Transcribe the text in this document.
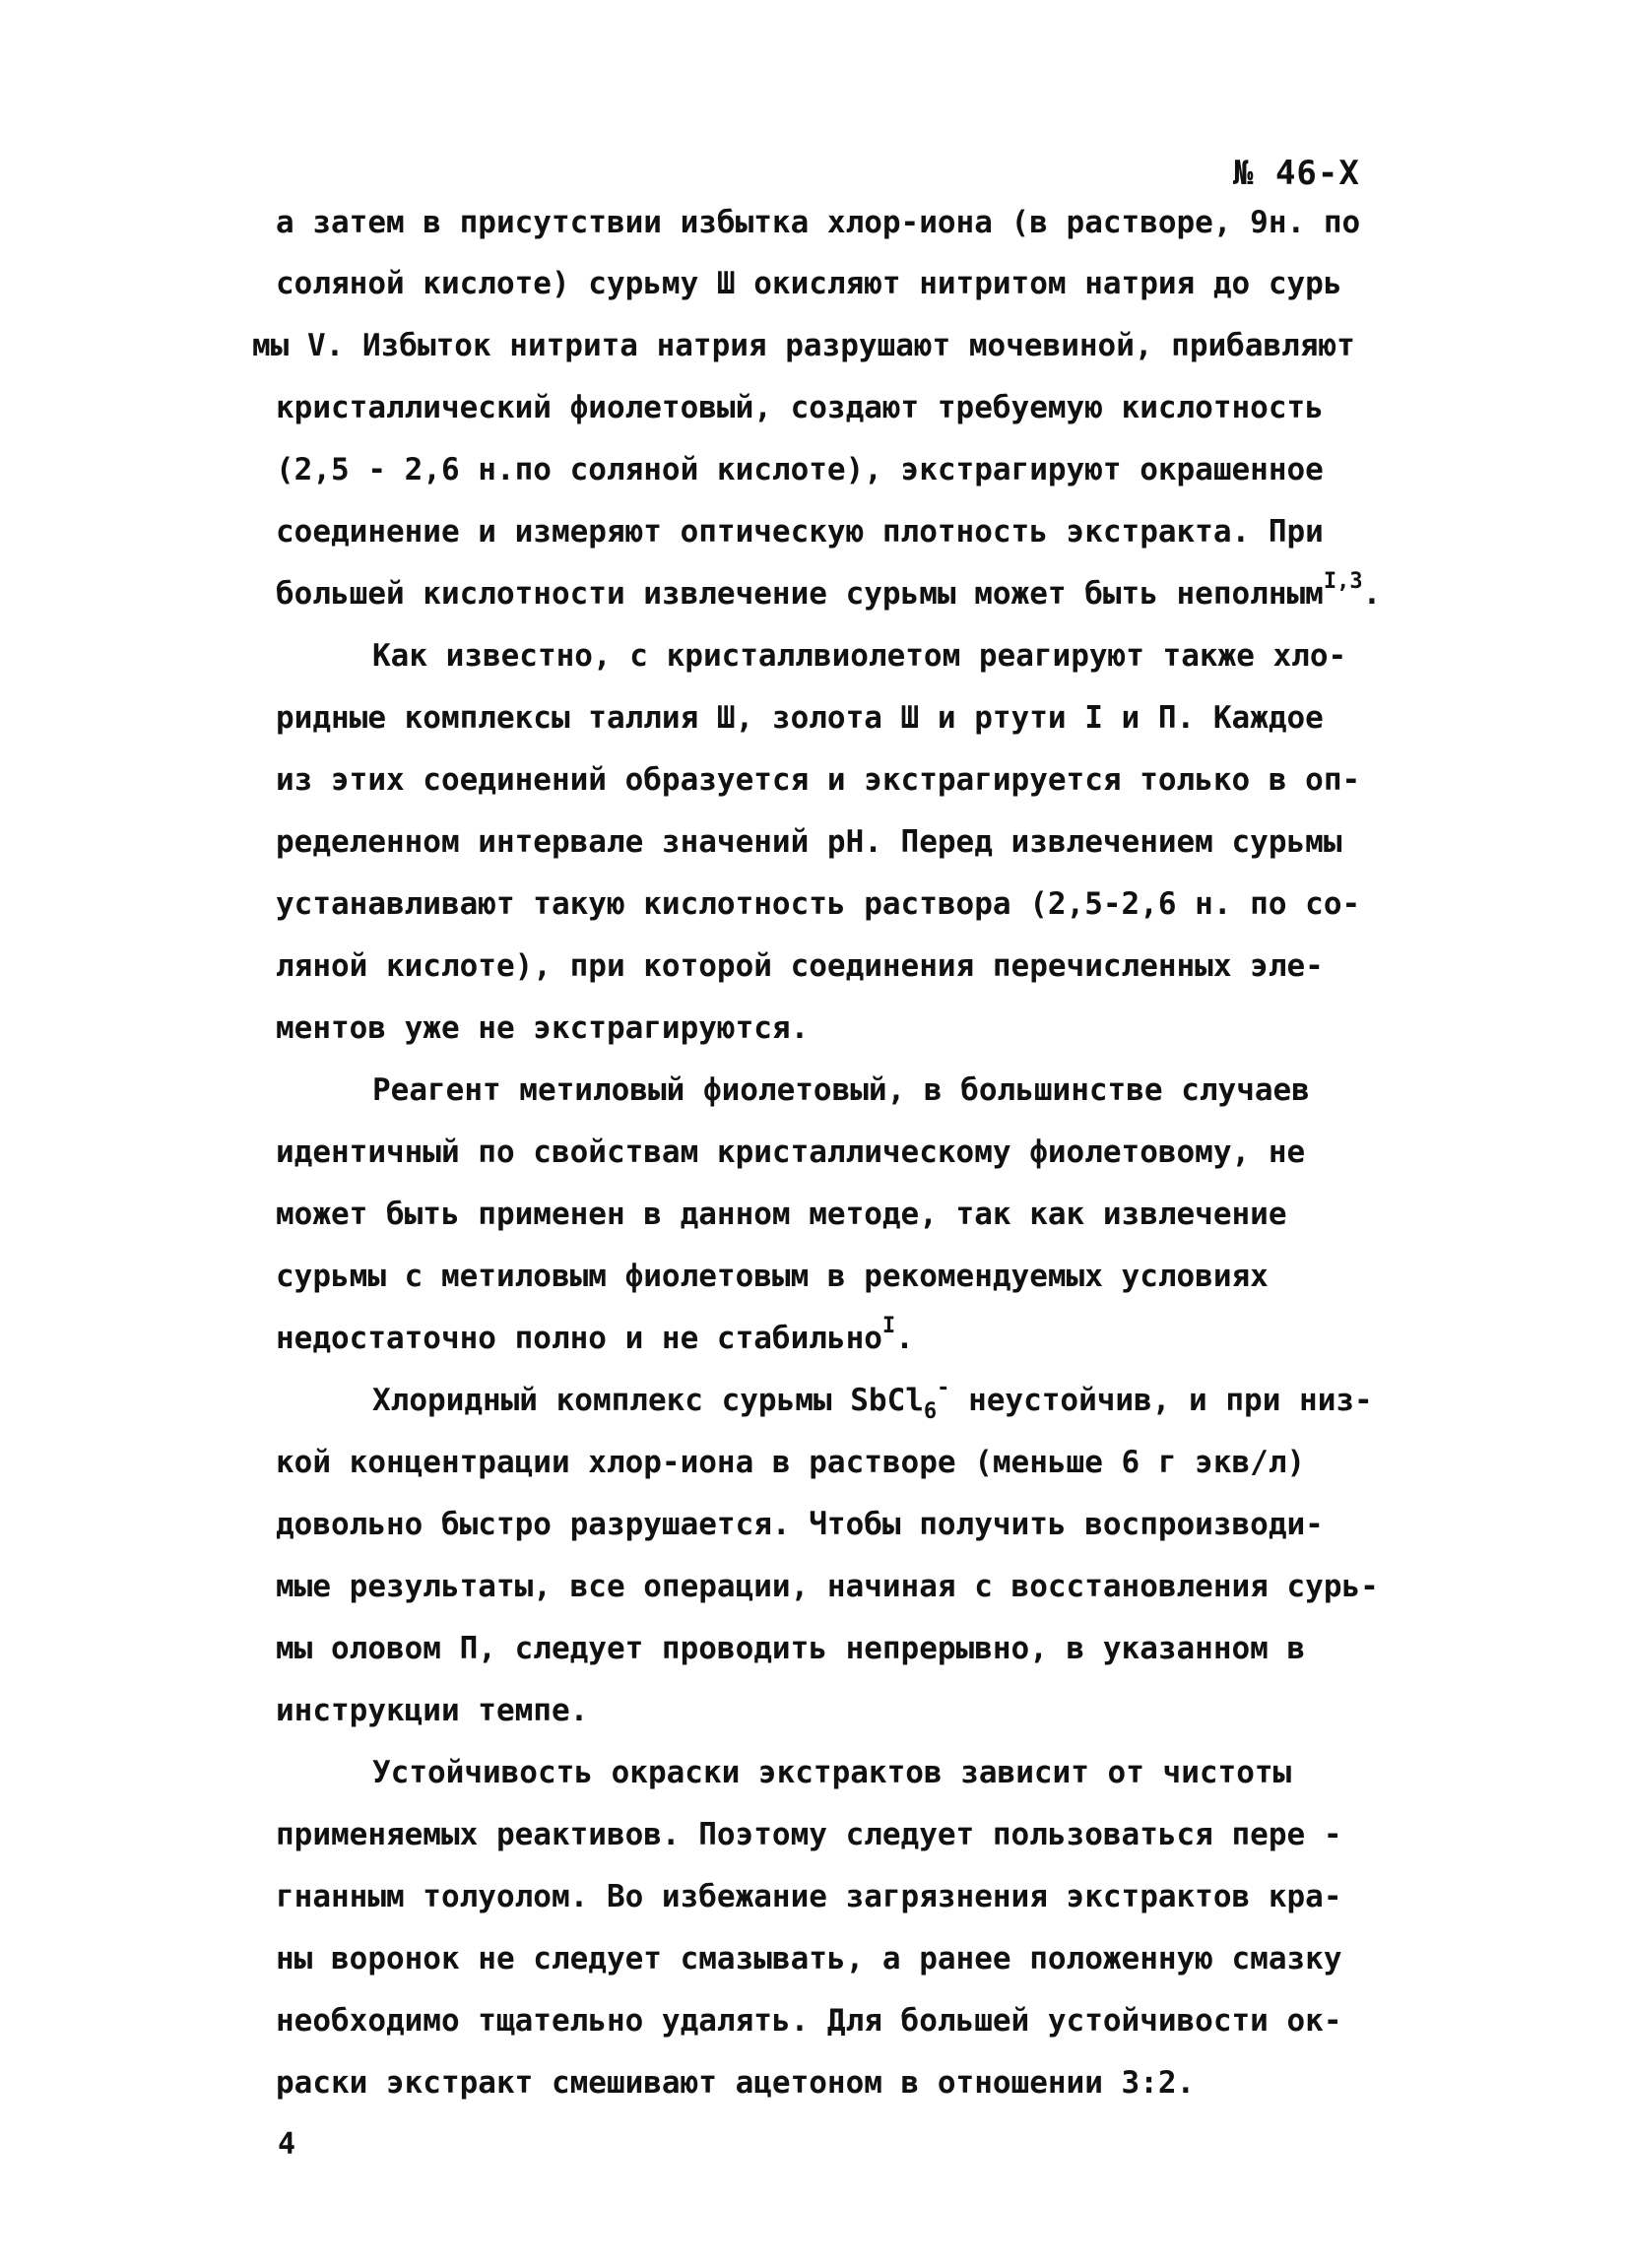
№ 46-Х
а затем в присутствии избытка хлор-иона (в растворе, 9н. по
соляной кислоте) сурьму Ш окисляют нитритом натрия до сурь
мы V. Избыток нитрита натрия разрушают мочевиной, прибавляют
кристаллический фиолетовый, создают требуемую кислотность
(2,5 - 2,6 н.по соляной кислоте), экстрагируют окрашенное
соединение и измеряют оптическую плотность экстракта. При
большей кислотности извлечение сурьмы может быть неполным$^{I,3}$.
Как известно, с кристаллвиолетом реагируют также хло-
ридные комплексы таллия Ш, золота Ш и ртути I и П. Каждое
из этих соединений образуется и экстрагируется только в оп-
ределенном интервале значений рН. Перед извлечением сурьмы
устанавливают такую кислотность раствора (2,5-2,6 н. по со-
ляной кислоте), при которой соединения перечисленных эле-
ментов уже не экстрагируются.
Реагент метиловый фиолетовый, в большинстве случаев
идентичный по свойствам кристаллическому фиолетовому, не
может быть применен в данном методе, так как извлечение
сурьмы с метиловым фиолетовым в рекомендуемых условиях
недостаточно полно и не стабильно$^I$.
Хлоридный комплекс сурьмы SbCl$_6$- неустойчив, и при низ-
кой концентрации хлор-иона в растворе (меньше 6 г экв/л)
довольно быстро разрушается. Чтобы получить воспроизводи-
мые результаты, все операции, начиная с восстановления сурь-
мы оловом П, следует проводить непрерывно, в указанном в
инструкции темпе.
Устойчивость окраски экстрактов зависит от чистоты
применяемых реактивов. Поэтому следует пользоваться пере -
гнанным толуолом. Во избежание загрязнения экстрактов кра-
ны воронок не следует смазывать, а ранее положенную смазку
необходимо тщательно удалять. Для большей устойчивости ок-
раски экстракт смешивают ацетоном в отношении 3:2.
4
